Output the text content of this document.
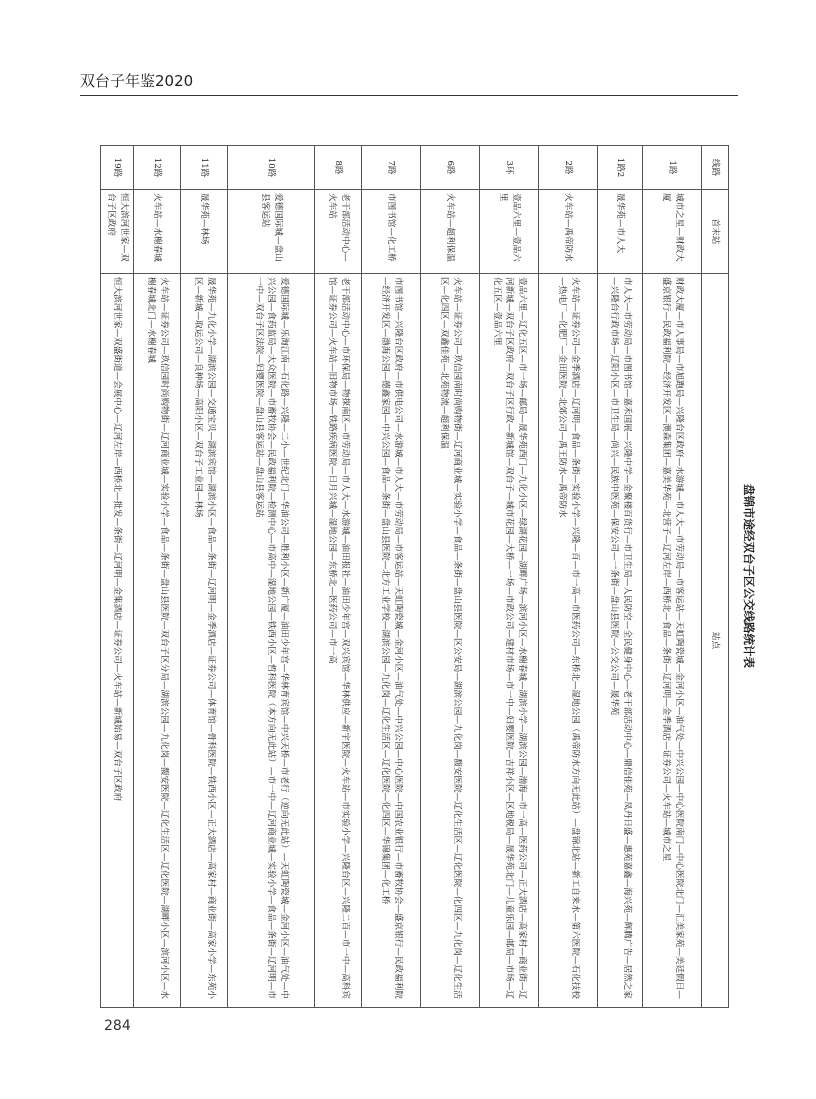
双台子年鉴2020
盘锦市途经双台子区公交线路统计表
线路	首末站	站点
1路	城市之星—财政大厦	财政大厦—市人事局—市旭跑局—兴隆台区政府—水游城—市人大—市劳动局—市客运站—天虹陶瓷城—金河小区—油气处—中兴公园—中心医院南门—中心医院北门—汇美家苑—美廷假日—盛京银行—民政福利院—经济开发区—澳森集团—嘉美华苑—北营子—辽河左岸—西桥北—食品—条街—辽河明—金季酒店—证券公司—火车站—城市之星
1路2	晟华苑—市人大	市人大—市劳动局—市图书馆—嘉禾国展—兴隆中学—金聚楼百货行—市卫生局—人民防空—全民健身中心—老干部活动中心—鼎信佳苑—凤丹日盛—惠苑嘉鑫—海兴苑—辉腾广告—居然之家—兴隆台行政市场—辽阳小区—市卫生局—尚兴—民族中医苑—保安公司—一条街—盘山县医院—公交公司—晟华苑
2路	火车站—禹帝防水	火车站—证券公司—金季酒店—辽河明—食品—条街—实验小学—兴隆—百—市一高—市医药公司—东桥北—湿地公园（禹帝防水方向无此站）—盘锦北站—新工自来水—第六医院—石化技校—热电厂—化肥厂—金田医院—北郊公司—禹王防水—禹帝防水
3环	壹品六里—壹品六里	壹品六里—辽化五区—市一场—邮局—晟华苑西门—九化小区—绿湖花园—湖畔广场—滨河小区—水榭春城—湖滨小学—湖滨公园—渤海—市一高—医药公司—正大酒店—高家村—商业街—辽河新城—双台子区政府—双台子区行政—新城馆—双台子—城市花园—大桥—一场—市政公司—建材市场—市一中—妇婴医院—吉祥小区—区地税局—晟华苑北门—儿童乐园—邮局—市场—辽化五区—壹品六里
6路	火车站—超利保温	火车站—证券公司—玖信园南时尚购物街—辽河商业城—实验小学—食品—条街—盘山县医院—区公安局—湖滨公园—九化岗—馥安医院—辽化生活区—辽化医院—化四区—九化岗—辽化生活区—化四区—双鑫佳苑—北苑物流—超利保温
7路	市图书馆—化工桥	市图书馆—兴隆台区政府—市供电公司—水游城—市人大—市劳动局—市客运站—天虹陶瓷城—金河小区—油气处—中兴公园—中心医院—中国农业银行—市畜牧协会—盛京银行—民政福利院—经济开发区—渤海公园—德鑫家园—中兴公园—食品—条街—盘山县医院—北方工业学校—湖滨公园—九化岗—辽化生活区—辽化医院—化四区—华锦集团—化工桥
8路	老干部活动中心—火车站	老干部活动中心—市环保局—物探南区—市劳动局—市人大—水游城—油田报社—油田少年宫—双兴宾馆—华林供应—新宇医院—火车站—市实验小学—兴隆台区—兴隆二百—市一中—高科宾馆—证券公司—火车站—旧物市场—铁路疾病医院—日月兴城—湿地公园—东桥北—医药公司—市一高
10路	爱德国际城—盘山县客运站	爱德国际城—乐淘江南—石化路—兴隆—二小—世纪北门—华油公司—胜利小区—新广厦—油田少年宫—华林育宾馆—中兴天桥—市老行（逆向无此站）—天虹陶瓷城—金河小区—油气处—中兴公园—食药监局—大众医院—市畜牧协会—民政福利院—检测中心—市高中—湿地公园—铁西小区—哲科医院（本方向无此站）—市一中—辽河商业城—实验小学—食品—条街—辽河明—市一中—双台子区法院—妇婴医院—盘山县客运站—盘山县客运站
11路	晟华苑—林场	晟华苑—九化小学—湖滨公园—交通宝贝—湖滨宾馆—湖滨小区—食品—条街—辽河明—金季酒店—证券公司—体育馆—骨科医院—铁西小区—正大酒店—高家村—商业街—高家小学—东苑小区—新城—取运公司—良种场—高阳小区—双台子工业园—林场
12路	火车站—水榭春城	火车站—证券公司—玖信园时尚购物街—辽河商业城—实验小学—食品—条街—盘山县医院—双台子区分局—湖滨公园—九化岗—馥安医院—辽化生活区—辽化医院—湖畔小区—滨河小区—水榭春城北门—水榭春城
19路	恒大滨河世家—双台子区政府	恒大滨河世家—双盛街道—会展中心—辽河左岸—西桥北—批发—条街—辽河明—金集酒店—证券公司—火车站—新城始易—双台子区政府
284
